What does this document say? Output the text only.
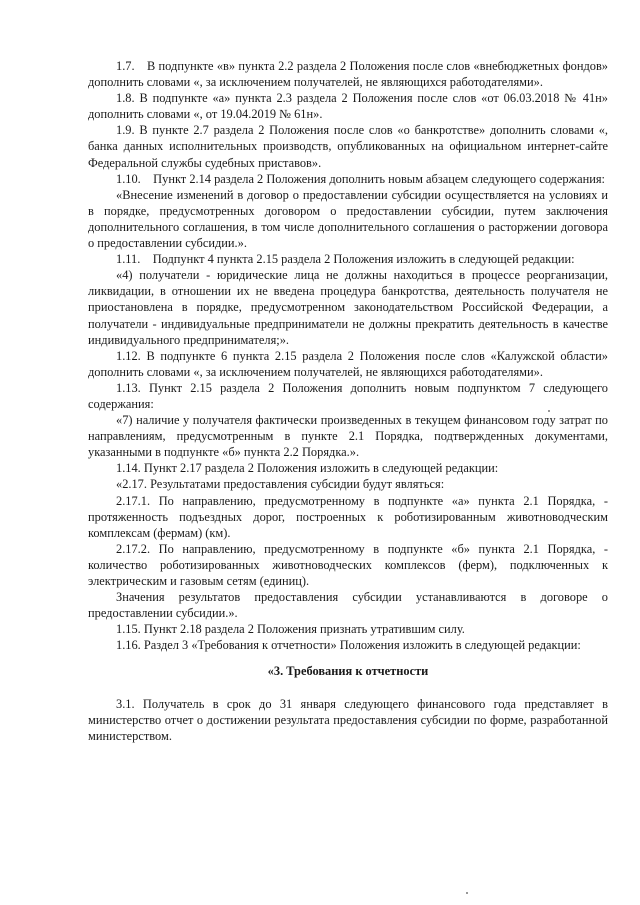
1.7. В подпункте «в» пункта 2.2 раздела 2 Положения после слов «внебюджетных фондов» дополнить словами «, за исключением получателей, не являющихся работодателями».

1.8. В подпункте «а» пункта 2.3 раздела 2 Положения после слов «от 06.03.2018 № 41н» дополнить словами «, от 19.04.2019 № 61н».

1.9. В пункте 2.7 раздела 2 Положения после слов «о банкротстве» дополнить словами «, банка данных исполнительных производств, опубликованных на официальном интернет-сайте Федеральной службы судебных приставов».

1.10. Пункт 2.14 раздела 2 Положения дополнить новым абзацем следующего содержания:

«Внесение изменений в договор о предоставлении субсидии осуществляется на условиях и в порядке, предусмотренных договором о предоставлении субсидии, путем заключения дополнительного соглашения, в том числе дополнительного соглашения о расторжении договора о предоставлении субсидии.».

1.11. Подпункт 4 пункта 2.15 раздела 2 Положения изложить в следующей редакции:

«4) получатели - юридические лица не должны находиться в процессе реорганизации, ликвидации, в отношении их не введена процедура банкротства, деятельность получателя не приостановлена в порядке, предусмотренном законодательством Российской Федерации, а получатели - индивидуальные предприниматели не должны прекратить деятельность в качестве индивидуального предпринимателя;».

1.12. В подпункте 6 пункта 2.15 раздела 2 Положения после слов «Калужской области» дополнить словами «, за исключением получателей, не являющихся работодателями».

1.13. Пункт 2.15 раздела 2 Положения дополнить новым подпунктом 7 следующего содержания:

«7) наличие у получателя фактически произведенных в текущем финансовом году затрат по направлениям, предусмотренным в пункте 2.1 Порядка, подтвержденных документами, указанными в подпункте «б» пункта 2.2 Порядка.».

1.14. Пункт 2.17 раздела 2 Положения изложить в следующей редакции:

«2.17. Результатами предоставления субсидии будут являться:

2.17.1. По направлению, предусмотренному в подпункте «а» пункта 2.1 Порядка, - протяженность подъездных дорог, построенных к роботизированным животноводческим комплексам (фермам) (км).

2.17.2. По направлению, предусмотренному в подпункте «б» пункта 2.1 Порядка, - количество роботизированных животноводческих комплексов (ферм), подключенных к электрическим и газовым сетям (единиц).

Значения результатов предоставления субсидии устанавливаются в договоре о предоставлении субсидии.».

1.15. Пункт 2.18 раздела 2 Положения признать утратившим силу.

1.16. Раздел 3 «Требования к отчетности» Положения изложить в следующей редакции:

«3. Требования к отчетности

3.1. Получатель в срок до 31 января следующего финансового года представляет в министерство отчет о достижении результата предоставления субсидии по форме, разработанной министерством.
